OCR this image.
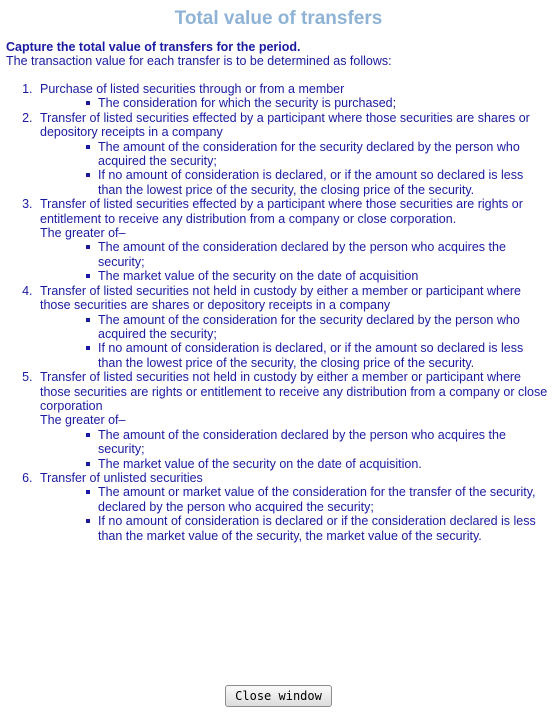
Total value of transfers

Capture the total value of transfers for the period.

The transaction value for each transfer is to be determined as follows:

1. Purchase of listed securities through or from a member
The consideration for which the security is purchased;
2. Transfer of listed securities effected by a participant where those securities are shares or depository receipts in a company
The amount of the consideration for the security declared by the person who acquired the security;
If no amount of consideration is declared, or if the amount so declared is less than the lowest price of the security, the closing price of the security.
3. Transfer of listed securities effected by a participant where those securities are rights or entitlement to receive any distribution from a company or close corporation.
The greater of–
The amount of the consideration declared by the person who acquires the security;
The market value of the security on the date of acquisition
4. Transfer of listed securities not held in custody by either a member or participant where those securities are shares or depository receipts in a company
The amount of the consideration for the security declared by the person who acquired the security;
If no amount of consideration is declared, or if the amount so declared is less than the lowest price of the security, the closing price of the security.
5. Transfer of listed securities not held in custody by either a member or participant where those securities are rights or entitlement to receive any distribution from a company or close corporation
The greater of–
The amount of the consideration declared by the person who acquires the security;
The market value of the security on the date of acquisition.
6. Transfer of unlisted securities
The amount or market value of the consideration for the transfer of the security, declared by the person who acquired the security;
If no amount of consideration is declared or if the consideration declared is less than the market value of the security, the market value of the security.
Close window
